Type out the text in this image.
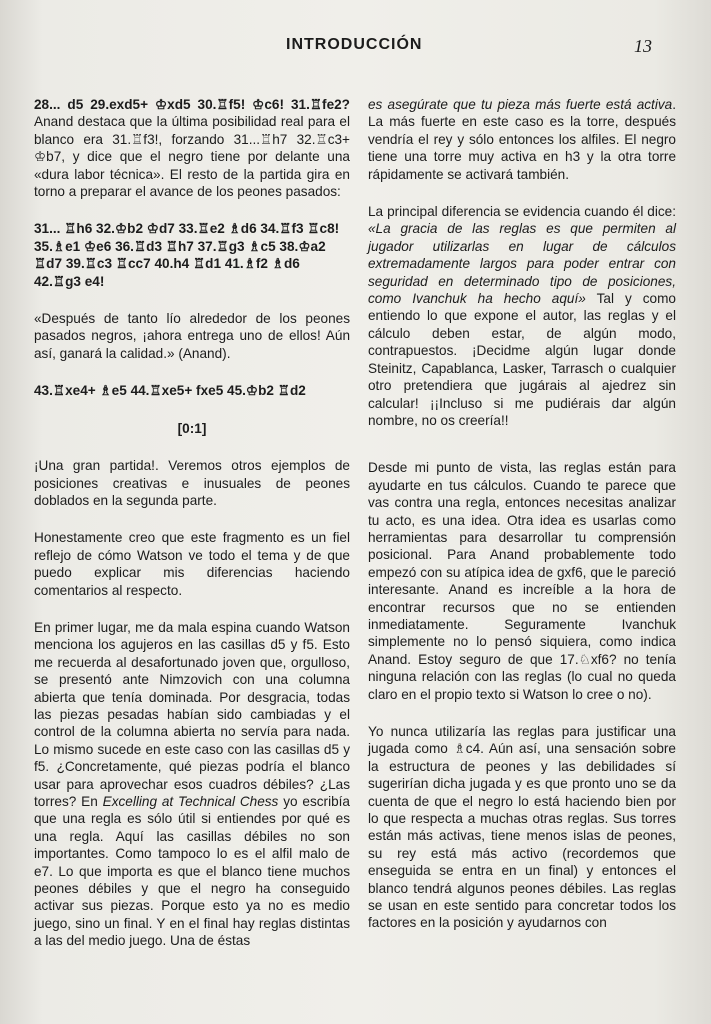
INTRODUCCIÓN	13

28... d5 29.exd5+ ♔xd5 30.♖f5! ♔c6! 31.♖fe2? Anand destaca que la última posibilidad real para el blanco era 31.♖f3!, forzando 31...♖h7 32.♖c3+ ♔b7, y dice que el negro tiene por delante una «dura labor técnica». El resto de la partida gira en torno a preparar el avance de los peones pasados:

31... ♖h6 32.♔b2 ♔d7 33.♖e2 ♗d6 34.♖f3 ♖c8! 35.♗e1 ♔e6 36.♖d3 ♖h7 37.♖g3 ♗c5 38.♔a2 ♖d7 39.♖c3 ♖cc7 40.h4 ♖d1 41.♗f2 ♗d6 42.♖g3 e4!

«Después de tanto lío alrededor de los peones pasados negros, ¡ahora entrega uno de ellos! Aún así, ganará la calidad.» (Anand).

43.♖xe4+ ♗e5 44.♖xe5+ fxe5 45.♔b2 ♖d2

[0:1]

¡Una gran partida!. Veremos otros ejemplos de posiciones creativas e inusuales de peones doblados en la segunda parte.

Honestamente creo que este fragmento es un fiel reflejo de cómo Watson ve todo el tema y de que puedo explicar mis diferencias haciendo comentarios al respecto.

En primer lugar, me da mala espina cuando Watson menciona los agujeros en las casillas d5 y f5. Esto me recuerda al desafortunado joven que, orgulloso, se presentó ante Nimzovich con una columna abierta que tenía dominada. Por desgracia, todas las piezas pesadas habían sido cambiadas y el control de la columna abierta no servía para nada. Lo mismo sucede en este caso con las casillas d5 y f5. ¿Concretamente, qué piezas podría el blanco usar para aprovechar esos cuadros débiles? ¿Las torres? En Excelling at Technical Chess yo escribía que una regla es sólo útil si entiendes por qué es una regla. Aquí las casillas débiles no son importantes. Como tampoco lo es el alfil malo de e7. Lo que importa es que el blanco tiene muchos peones débiles y que el negro ha conseguido activar sus piezas. Porque esto ya no es medio juego, sino un final. Y en el final hay reglas distintas a las del medio juego. Una de éstas

es asegúrate que tu pieza más fuerte está activa. La más fuerte en este caso es la torre, después vendría el rey y sólo entonces los alfiles. El negro tiene una torre muy activa en h3 y la otra torre rápidamente se activará también.

La principal diferencia se evidencia cuando él dice: «La gracia de las reglas es que permiten al jugador utilizarlas en lugar de cálculos extremadamente largos para poder entrar con seguridad en determinado tipo de posiciones, como Ivanchuk ha hecho aquí» Tal y como entiendo lo que expone el autor, las reglas y el cálculo deben estar, de algún modo, contrapuestos. ¡Decidme algún lugar donde Steinitz, Capablanca, Lasker, Tarrasch o cualquier otro pretendiera que jugárais al ajedrez sin calcular! ¡¡Incluso si me pudiérais dar algún nombre, no os creería!!

Desde mi punto de vista, las reglas están para ayudarte en tus cálculos. Cuando te parece que vas contra una regla, entonces necesitas analizar tu acto, es una idea. Otra idea es usarlas como herramientas para desarrollar tu comprensión posicional. Para Anand probablemente todo empezó con su atípica idea de gxf6, que le pareció interesante. Anand es increíble a la hora de encontrar recursos que no se entienden inmediatamente. Seguramente Ivanchuk simplemente no lo pensó siquiera, como indica Anand. Estoy seguro de que 17.♘xf6? no tenía ninguna relación con las reglas (lo cual no queda claro en el propio texto si Watson lo cree o no).

Yo nunca utilizaría las reglas para justificar una jugada como ♗c4. Aún así, una sensación sobre la estructura de peones y las debilidades sí sugerirían dicha jugada y es que pronto uno se da cuenta de que el negro lo está haciendo bien por lo que respecta a muchas otras reglas. Sus torres están más activas, tiene menos islas de peones, su rey está más activo (recordemos que enseguida se entra en un final) y entonces el blanco tendrá algunos peones débiles. Las reglas se usan en este sentido para concretar todos los factores en la posición y ayudarnos con
